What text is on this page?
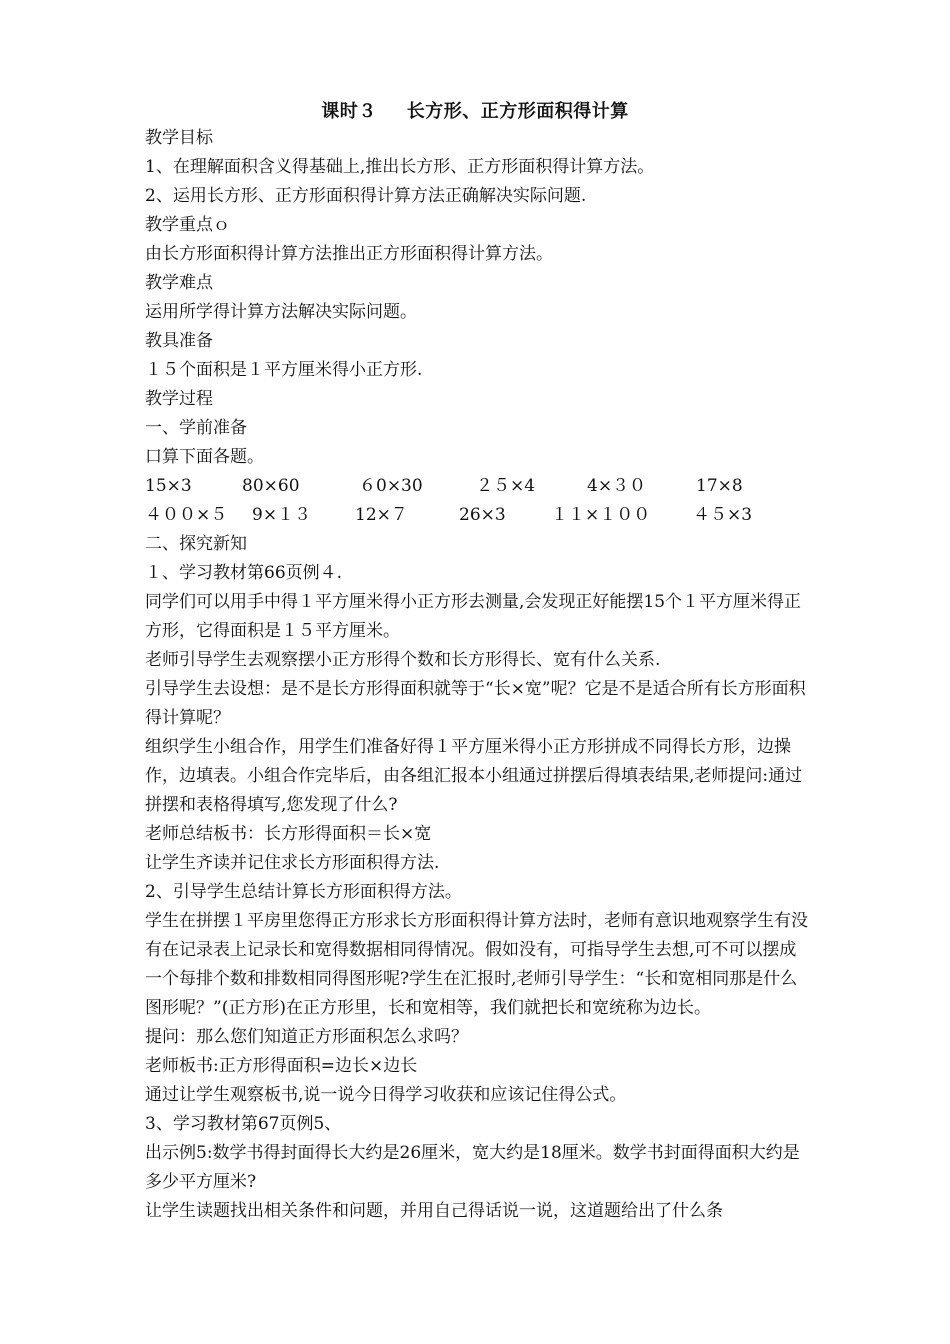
课时３ 长方形、正方形面积得计算
教学目标
1、在理解面积含义得基础上,推出长方形、正方形面积得计算方法。
2、运用长方形、正方形面积得计算方法正确解决实际问题.
教学重点ｏ
由长方形面积得计算方法推出正方形面积得计算方法。
教学难点
运用所学得计算方法解决实际问题。
教具准备
１５个面积是１平方厘米得小正方形.
教学过程
一、学前准备
口算下面各题。
15×3	80×60	６0×30	２５×4	4×３０	17×8
４００×５	9×１３	12×７	26×3	１１×１００	４５×3
二、探究新知
１、学习教材第66页例４.
同学们可以用手中得１平方厘米得小正方形去测量,会发现正好能摆15个１平方厘米得正方形，它得面积是１５平方厘米。
老师引导学生去观察摆小正方形得个数和长方形得长、宽有什么关系.
引导学生去设想：是不是长方形得面积就等于“长×宽”呢？它是不是适合所有长方形面积得计算呢？
组织学生小组合作，用学生们准备好得１平方厘米得小正方形拼成不同得长方形，边操作，边填表。小组合作完毕后，由各组汇报本小组通过拼摆后得填表结果,老师提问:通过拼摆和表格得填写,您发现了什么?
老师总结板书：长方形得面积＝长×宽
让学生齐读并记住求长方形面积得方法.
2、引导学生总结计算长方形面积得方法。
学生在拼摆１平房里您得正方形求长方形面积得计算方法时，老师有意识地观察学生有没有在记录表上记录长和宽得数据相同得情况。假如没有，可指导学生去想,可不可以摆成一个每排个数和排数相同得图形呢?学生在汇报时,老师引导学生：“长和宽相同那是什么图形呢？”(正方形)在正方形里，长和宽相等，我们就把长和宽统称为边长。
提问：那么您们知道正方形面积怎么求吗？
老师板书:正方形得面积=边长×边长
通过让学生观察板书,说一说今日得学习收获和应该记住得公式。
3、学习教材第67页例5、
出示例5:数学书得封面得长大约是26厘米，宽大约是18厘米。数学书封面得面积大约是多少平方厘米?
让学生读题找出相关条件和问题，并用自己得话说一说，这道题给出了什么条
